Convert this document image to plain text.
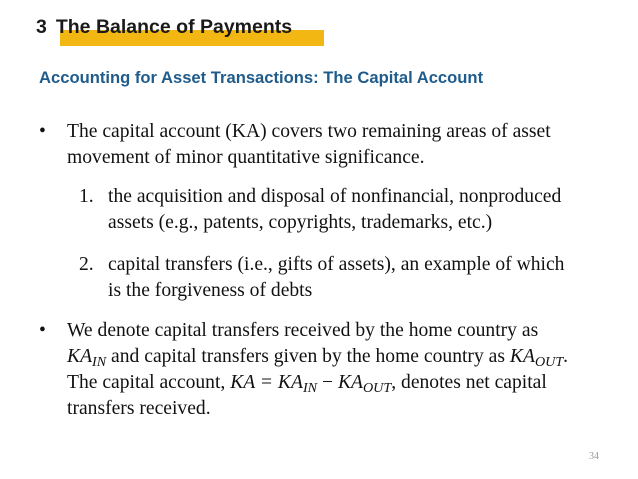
3 The Balance of Payments
Accounting for Asset Transactions: The Capital Account
• The capital account (KA) covers two remaining areas of asset
movement of minor quantitative significance.
1. the acquisition and disposal of nonfinancial, nonproduced
assets (e.g., patents, copyrights, trademarks, etc.)
2. capital transfers (i.e., gifts of assets), an example of which
is the forgiveness of debts
• We denote capital transfers received by the home country as
$KA_{IN}$ and capital transfers given by the home country as $KA_{OUT}$.
The capital account, KA = $KA_{IN} - KA_{OUT}$, denotes net capital
transfers received.
34
